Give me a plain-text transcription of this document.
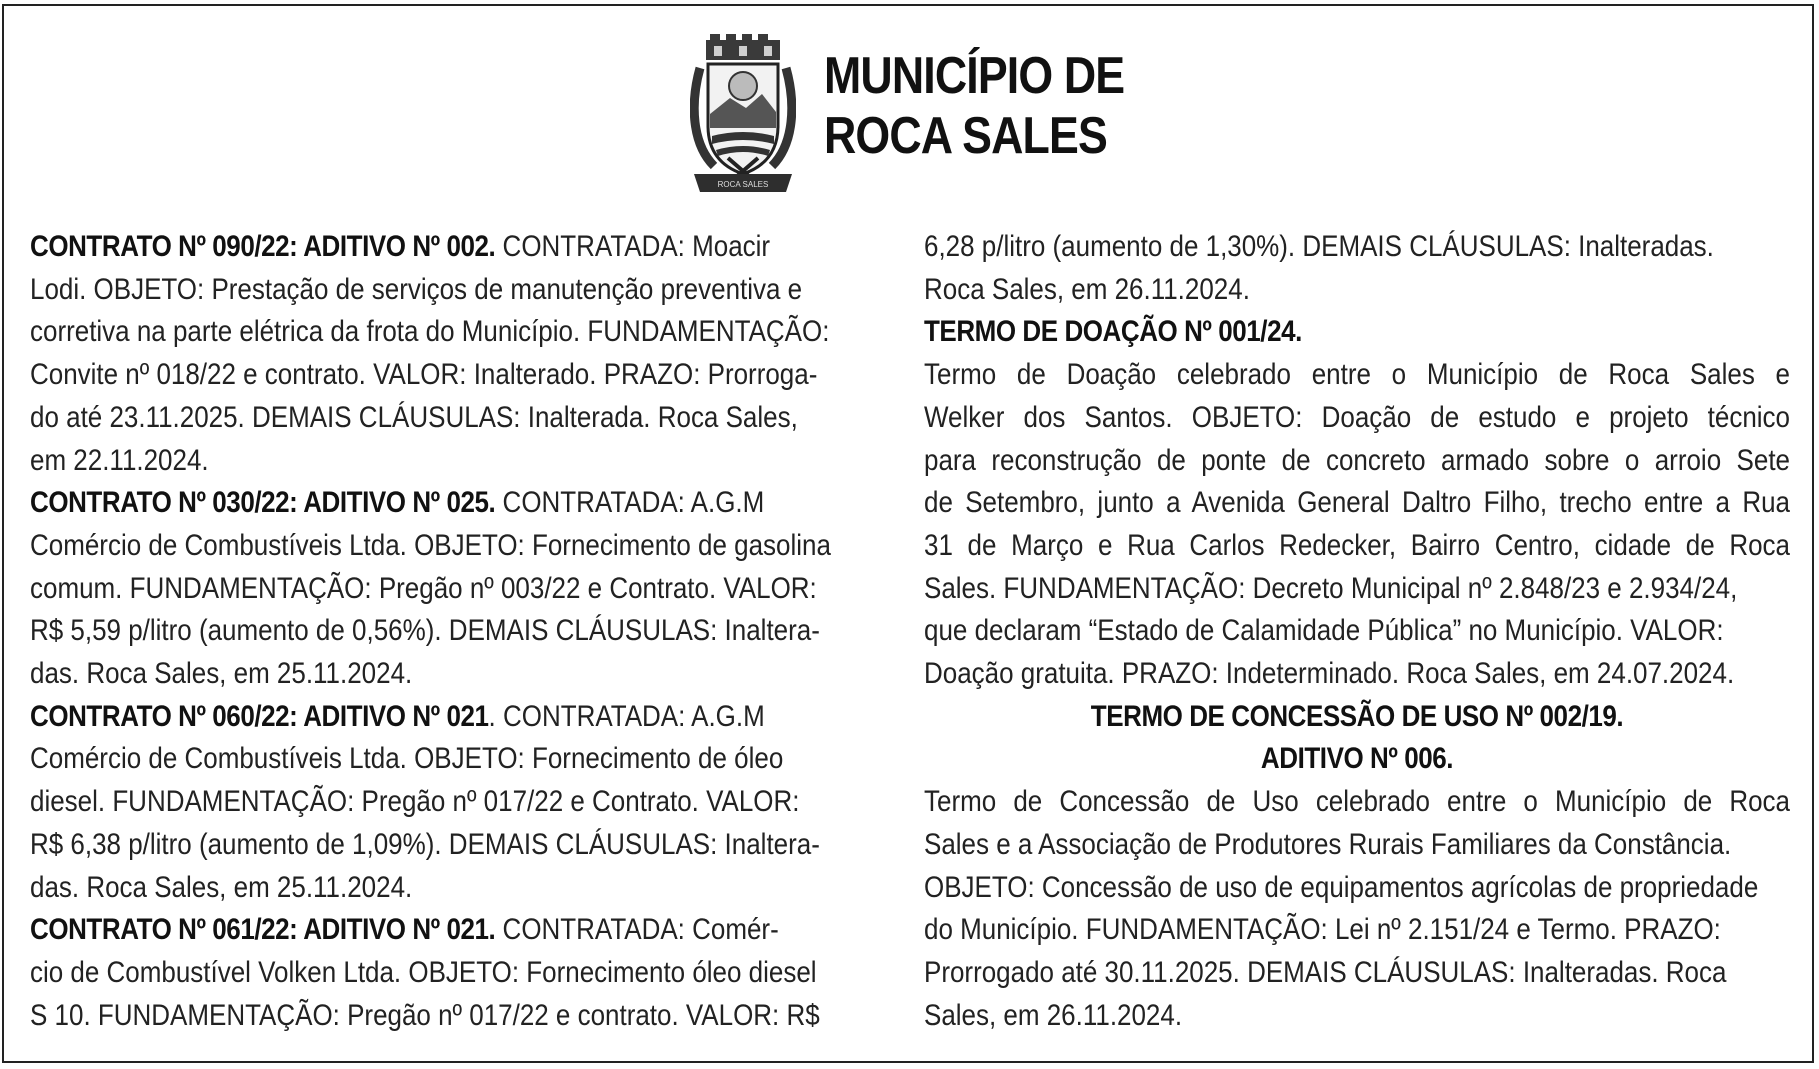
ROCA SALES
MUNICÍPIO DE
ROCA SALES
CONTRATO Nº 090/22: ADITIVO Nº 002. CONTRATADA: Moacir
Lodi. OBJETO: Prestação de serviços de manutenção preventiva e
corretiva na parte elétrica da frota do Município. FUNDAMENTAÇÃO:
Convite nº 018/22 e contrato. VALOR: Inalterado. PRAZO: Prorroga-
do até 23.11.2025. DEMAIS CLÁUSULAS: Inalterada. Roca Sales,
em 22.11.2024.
CONTRATO Nº 030/22: ADITIVO Nº 025. CONTRATADA: A.G.M
Comércio de Combustíveis Ltda. OBJETO: Fornecimento de gasolina
comum. FUNDAMENTAÇÃO: Pregão nº 003/22 e Contrato. VALOR:
R$ 5,59 p/litro (aumento de 0,56%). DEMAIS CLÁUSULAS: Inaltera-
das. Roca Sales, em 25.11.2024.
CONTRATO Nº 060/22: ADITIVO Nº 021. CONTRATADA: A.G.M
Comércio de Combustíveis Ltda. OBJETO: Fornecimento de óleo
diesel. FUNDAMENTAÇÃO: Pregão nº 017/22 e Contrato. VALOR:
R$ 6,38 p/litro (aumento de 1,09%). DEMAIS CLÁUSULAS: Inaltera-
das. Roca Sales, em 25.11.2024.
CONTRATO Nº 061/22: ADITIVO Nº 021. CONTRATADA: Comér-
cio de Combustível Volken Ltda. OBJETO: Fornecimento óleo diesel
S 10. FUNDAMENTAÇÃO: Pregão nº 017/22 e contrato. VALOR: R$
6,28 p/litro (aumento de 1,30%). DEMAIS CLÁUSULAS: Inalteradas.
Roca Sales, em 26.11.2024.
TERMO DE DOAÇÃO Nº 001/24.
Termo de Doação celebrado entre o Município de Roca Sales e
Welker dos Santos. OBJETO: Doação de estudo e projeto técnico
para reconstrução de ponte de concreto armado sobre o arroio Sete
de Setembro, junto a Avenida General Daltro Filho, trecho entre a Rua
31 de Março e Rua Carlos Redecker, Bairro Centro, cidade de Roca
Sales. FUNDAMENTAÇÃO: Decreto Municipal nº 2.848/23 e 2.934/24,
que declaram “Estado de Calamidade Pública” no Município. VALOR:
Doação gratuita. PRAZO: Indeterminado. Roca Sales, em 24.07.2024.
TERMO DE CONCESSÃO DE USO Nº 002/19.
ADITIVO Nº 006.
Termo de Concessão de Uso celebrado entre o Município de Roca
Sales e a Associação de Produtores Rurais Familiares da Constância.
OBJETO: Concessão de uso de equipamentos agrícolas de propriedade
do Município. FUNDAMENTAÇÃO: Lei nº 2.151/24 e Termo. PRAZO:
Prorrogado até 30.11.2025. DEMAIS CLÁUSULAS: Inalteradas. Roca
Sales, em 26.11.2024.
